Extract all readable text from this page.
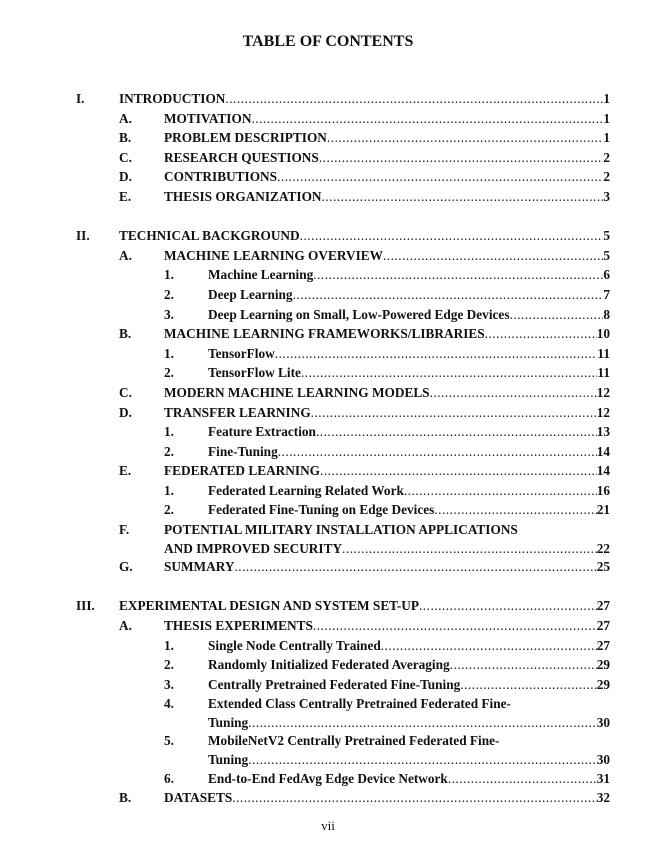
TABLE OF CONTENTS
I.	INTRODUCTION .....	1
A. MOTIVATION .....	1
B. PROBLEM DESCRIPTION .....	1
C. RESEARCH QUESTIONS .....	2
D. CONTRIBUTIONS .....	2
E. THESIS ORGANIZATION .....	3
II. TECHNICAL BACKGROUND .....	5
A. MACHINE LEARNING OVERVIEW .....	5
1.	Machine Learning .....	6
2.	Deep Learning .....	7
3.	Deep Learning on Small, Low-Powered Edge Devices .....	8
B. MACHINE LEARNING FRAMEWORKS/LIBRARIES .....	10
1.	TensorFlow .....	11
2.	TensorFlow Lite .....	11
C. MODERN MACHINE LEARNING MODELS .....	12
D. TRANSFER LEARNING .....	12
1.	Feature Extraction .....	13
2.	Fine-Tuning .....	14
E. FEDERATED LEARNING .....	14
1.	Federated Learning Related Work .....	16
2.	Federated Fine-Tuning on Edge Devices .....	21
F.	POTENTIAL MILITARY INSTALLATION APPLICATIONS
AND IMPROVED SECURITY .....	22
G. SUMMARY .....	25
III. EXPERIMENTAL DESIGN AND SYSTEM SET-UP .....	27
A. THESIS EXPERIMENTS .....	27
1.	Single Node Centrally Trained .....	27
2.	Randomly Initialized Federated Averaging .....	29
3.	Centrally Pretrained Federated Fine-Tuning .....	29
4.	Extended Class Centrally Pretrained Federated Fine-
Tuning .....	30
5.	MobileNetV2 Centrally Pretrained Federated Fine-
Tuning .....	30
6.	End-to-End FedAvg Edge Device Network .....	31
B. DATASETS .....	32
vii
